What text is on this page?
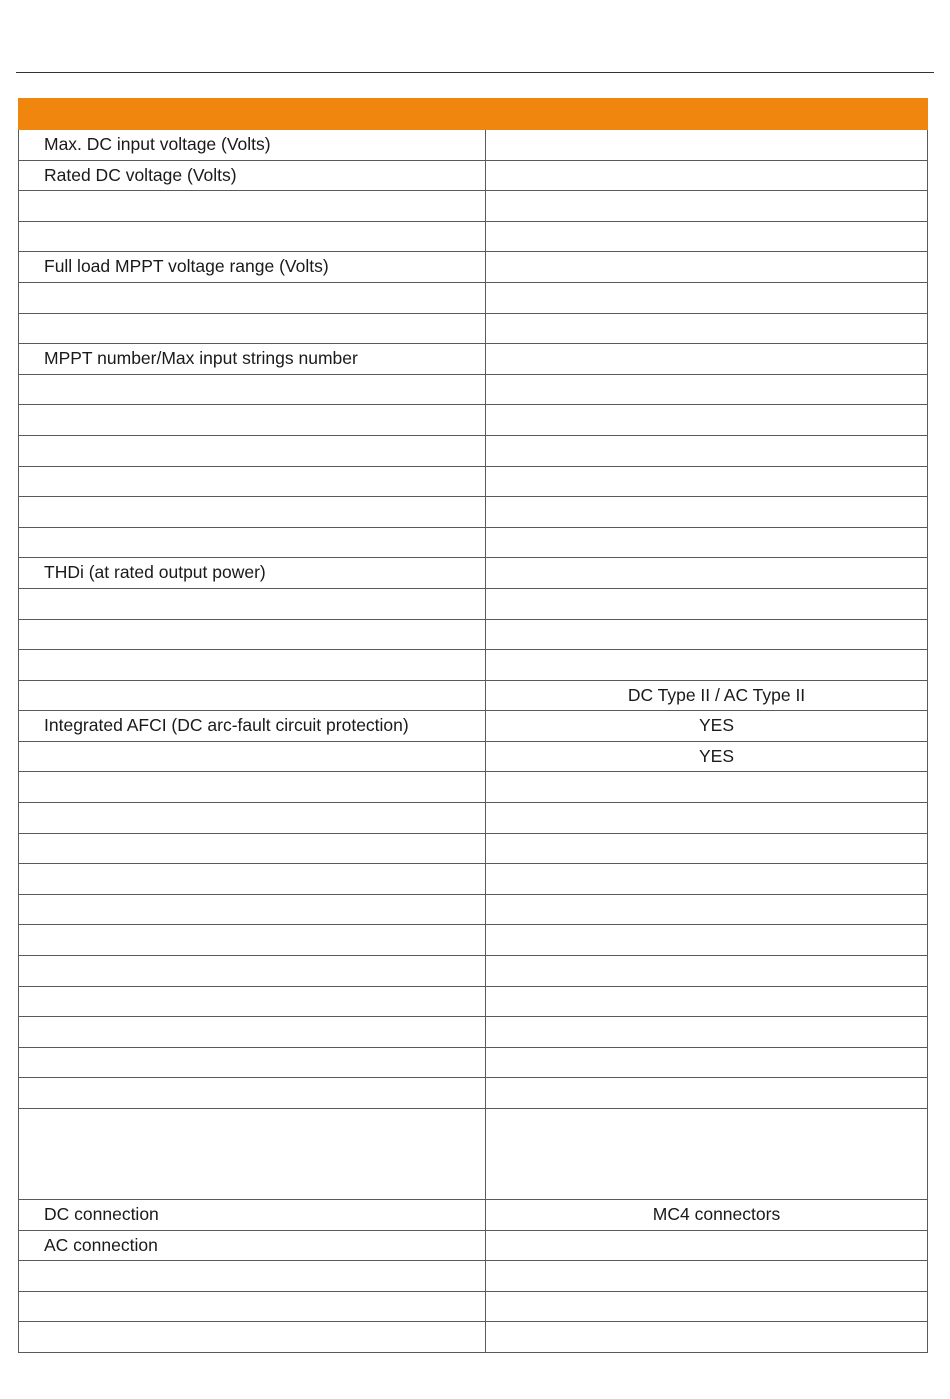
Max. DC input voltage (Volts)	
Rated DC voltage (Volts)	

Full load MPPT voltage range (Volts)	

MPPT number/Max input strings number	

THDi (at rated output power)	

	DC Type II / AC Type II
Integrated AFCI (DC arc-fault circuit protection)	YES
	YES

DC connection	MC4 connectors
AC connection	
